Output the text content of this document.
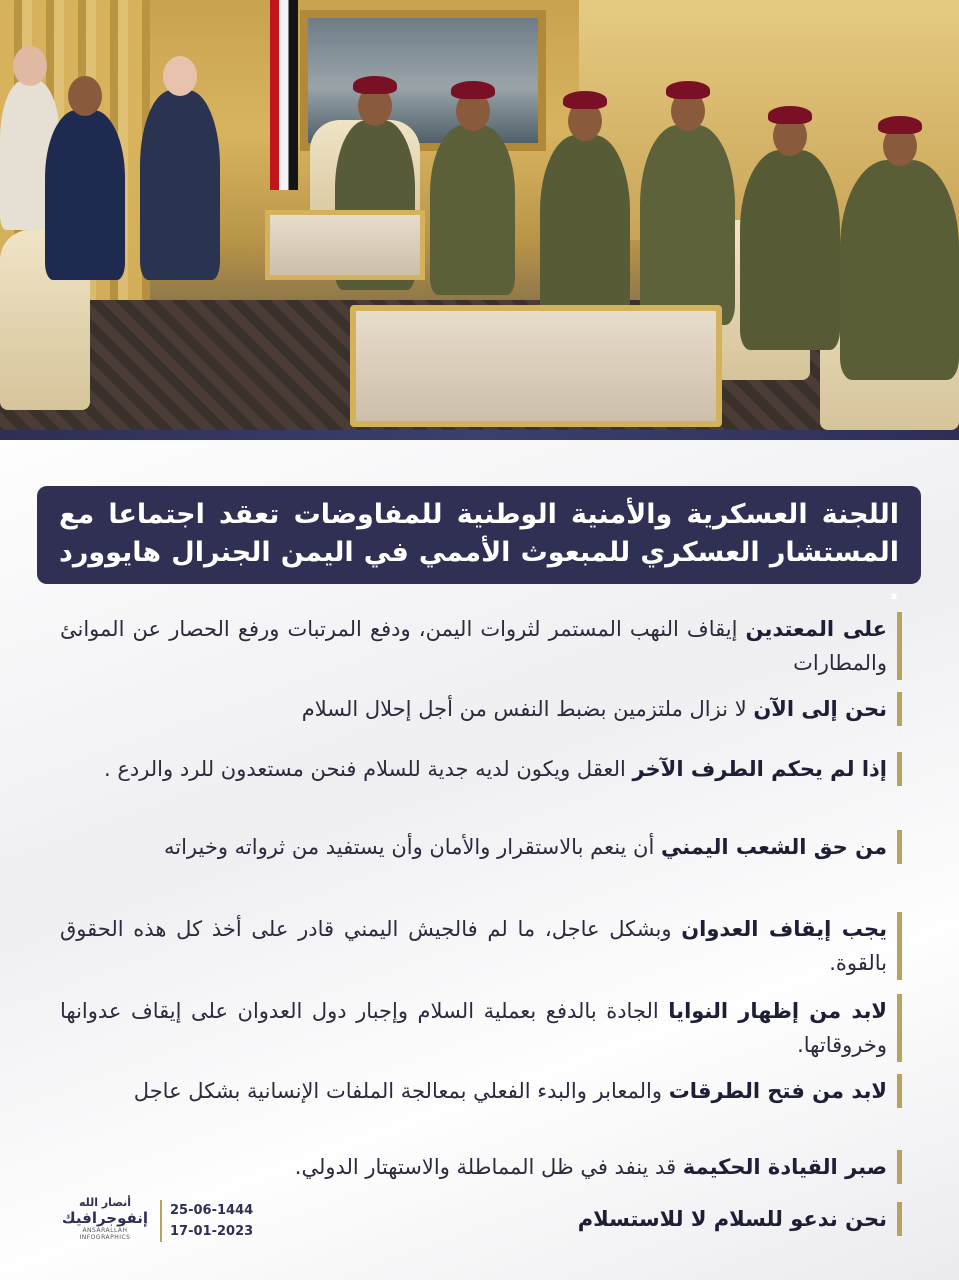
اللجنة العسكرية والأمنية الوطنية للمفاوضات تعقد اجتماعا مع المستشار العسكري للمبعوث الأممي في اليمن الجنرال هايوورد .
على المعتدين إيقاف النهب المستمر لثروات اليمن، ودفع المرتبات ورفع الحصار عن الموانئ والمطارات
نحن إلى الآن لا نزال ملتزمين بضبط النفس من أجل إحلال السلام
إذا لم يحكم الطرف الآخر العقل ويكون لديه جدية للسلام فنحن مستعدون للرد والردع .
من حق الشعب اليمني أن ينعم بالاستقرار والأمان وأن يستفيد من ثرواته وخيراته
يجب إيقاف العدوان وبشكل عاجل، ما لم فالجيش اليمني قادر على أخذ كل هذه الحقوق بالقوة.
لابد من إظهار النوايا الجادة بالدفع بعملية السلام وإجبار دول العدوان على إيقاف عدوانها وخروقاتها.
لابد من فتح الطرقات والمعابر والبدء الفعلي بمعالجة الملفات الإنسانية بشكل عاجل
صبر القيادة الحكيمة قد ينفد في ظل المماطلة والاستهتار الدولي.
نحن ندعو للسلام لا للاستسلام
أنصار الله
إنفوجرافيك
ANSARALLAH INFOGRAPHICS
25-06-1444
17-01-2023
